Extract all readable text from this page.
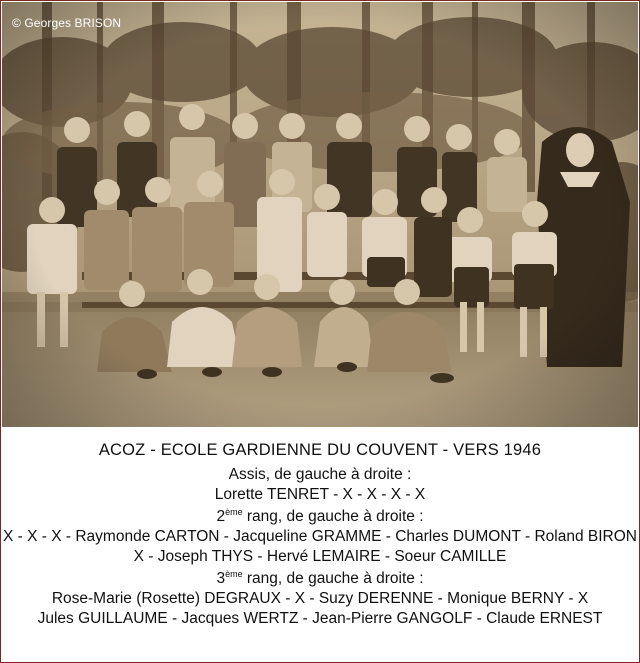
© Georges BRISON
ACOZ - ECOLE GARDIENNE DU COUVENT - VERS 1946
Assis, de gauche à droite :
Lorette TENRET - X - X - X - X
2ème rang, de gauche à droite :
X - X - X - Raymonde CARTON - Jacqueline GRAMME - Charles DUMONT - Roland BIRON
X - Joseph THYS - Hervé LEMAIRE - Soeur CAMILLE
3ème rang, de gauche à droite :
Rose-Marie (Rosette) DEGRAUX - X - Suzy DERENNE - Monique BERNY - X
Jules GUILLAUME - Jacques WERTZ - Jean-Pierre GANGOLF - Claude ERNEST
